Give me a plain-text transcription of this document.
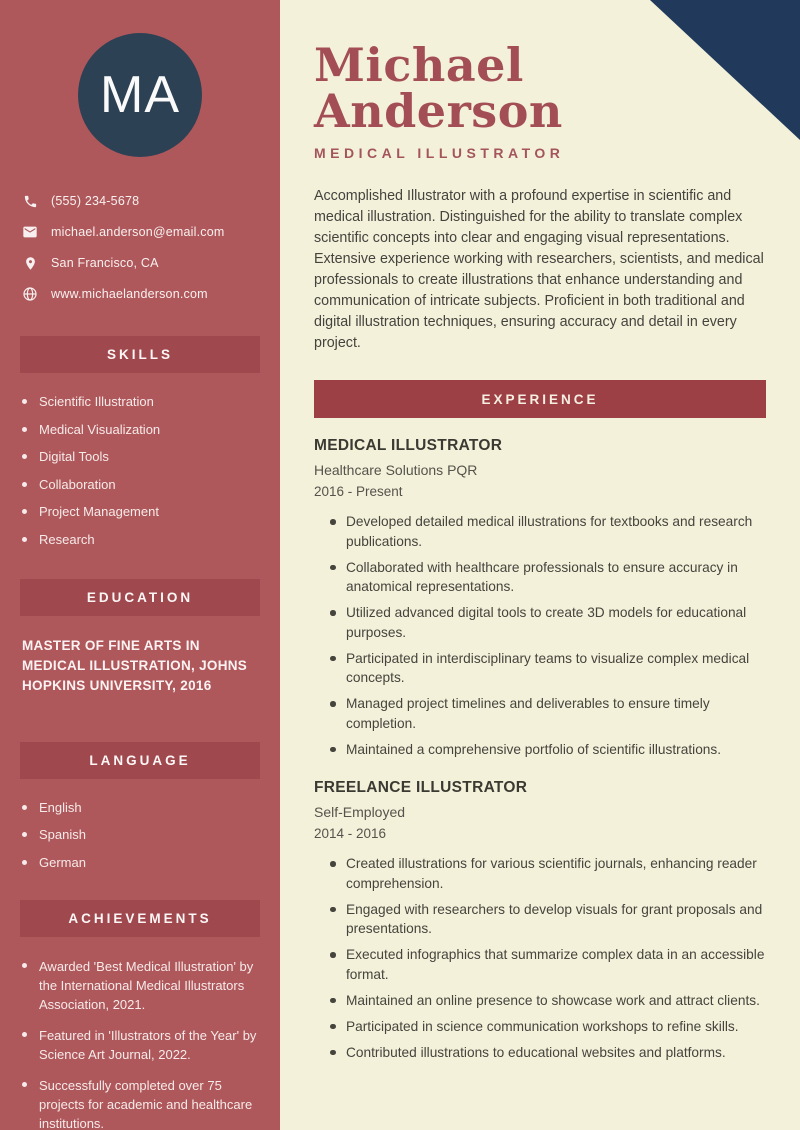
MA
(555) 234-5678
michael.anderson@email.com
San Francisco, CA
www.michaelanderson.com
SKILLS
Scientific Illustration
Medical Visualization
Digital Tools
Collaboration
Project Management
Research
EDUCATION
MASTER OF FINE ARTS IN MEDICAL ILLUSTRATION, JOHNS HOPKINS UNIVERSITY, 2016
LANGUAGE
English
Spanish
German
ACHIEVEMENTS
Awarded 'Best Medical Illustration' by the International Medical Illustrators Association, 2021.
Featured in 'Illustrators of the Year' by Science Art Journal, 2022.
Successfully completed over 75 projects for academic and healthcare institutions.
Michael Anderson
MEDICAL ILLUSTRATOR

Accomplished Illustrator with a profound expertise in scientific and medical illustration. Distinguished for the ability to translate complex scientific concepts into clear and engaging visual representations. Extensive experience working with researchers, scientists, and medical professionals to create illustrations that enhance understanding and communication of intricate subjects. Proficient in both traditional and digital illustration techniques, ensuring accuracy and detail in every project.

EXPERIENCE
MEDICAL ILLUSTRATOR
Healthcare Solutions PQR
2016 - Present
Developed detailed medical illustrations for textbooks and research publications.
Collaborated with healthcare professionals to ensure accuracy in anatomical representations.
Utilized advanced digital tools to create 3D models for educational purposes.
Participated in interdisciplinary teams to visualize complex medical concepts.
Managed project timelines and deliverables to ensure timely completion.
Maintained a comprehensive portfolio of scientific illustrations.
FREELANCE ILLUSTRATOR
Self-Employed
2014 - 2016
Created illustrations for various scientific journals, enhancing reader comprehension.
Engaged with researchers to develop visuals for grant proposals and presentations.
Executed infographics that summarize complex data in an accessible format.
Maintained an online presence to showcase work and attract clients.
Participated in science communication workshops to refine skills.
Contributed illustrations to educational websites and platforms.
